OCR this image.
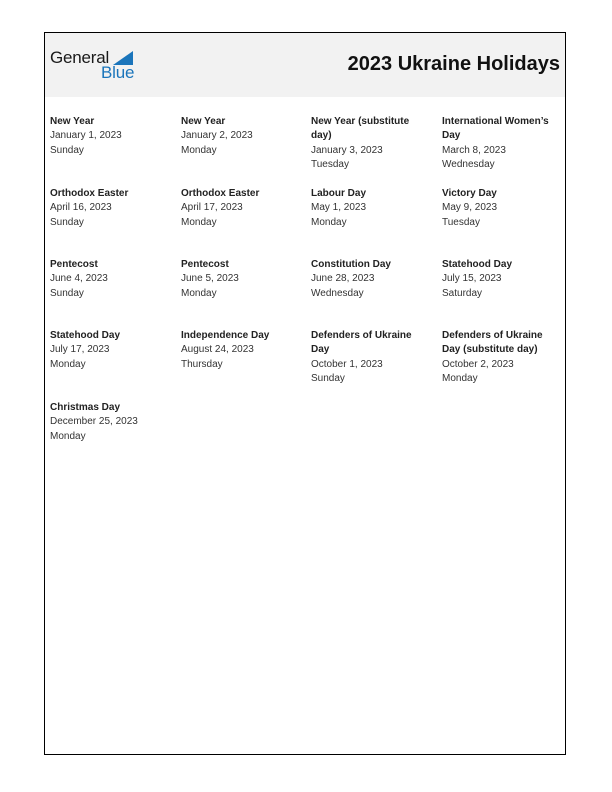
General
Blue	2023 Ukraine Holidays
New Year
January 1, 2023
Sunday
New Year
January 2, 2023
Monday
New Year (substitute day)
January 3, 2023
Tuesday
International Women’s Day
March 8, 2023
Wednesday
Orthodox Easter
April 16, 2023
Sunday
Orthodox Easter
April 17, 2023
Monday
Labour Day
May 1, 2023
Monday
Victory Day
May 9, 2023
Tuesday
Pentecost
June 4, 2023
Sunday
Pentecost
June 5, 2023
Monday
Constitution Day
June 28, 2023
Wednesday
Statehood Day
July 15, 2023
Saturday
Statehood Day
July 17, 2023
Monday
Independence Day
August 24, 2023
Thursday
Defenders of Ukraine Day
October 1, 2023
Sunday
Defenders of Ukraine Day (substitute day)
October 2, 2023
Monday
Christmas Day
December 25, 2023
Monday
